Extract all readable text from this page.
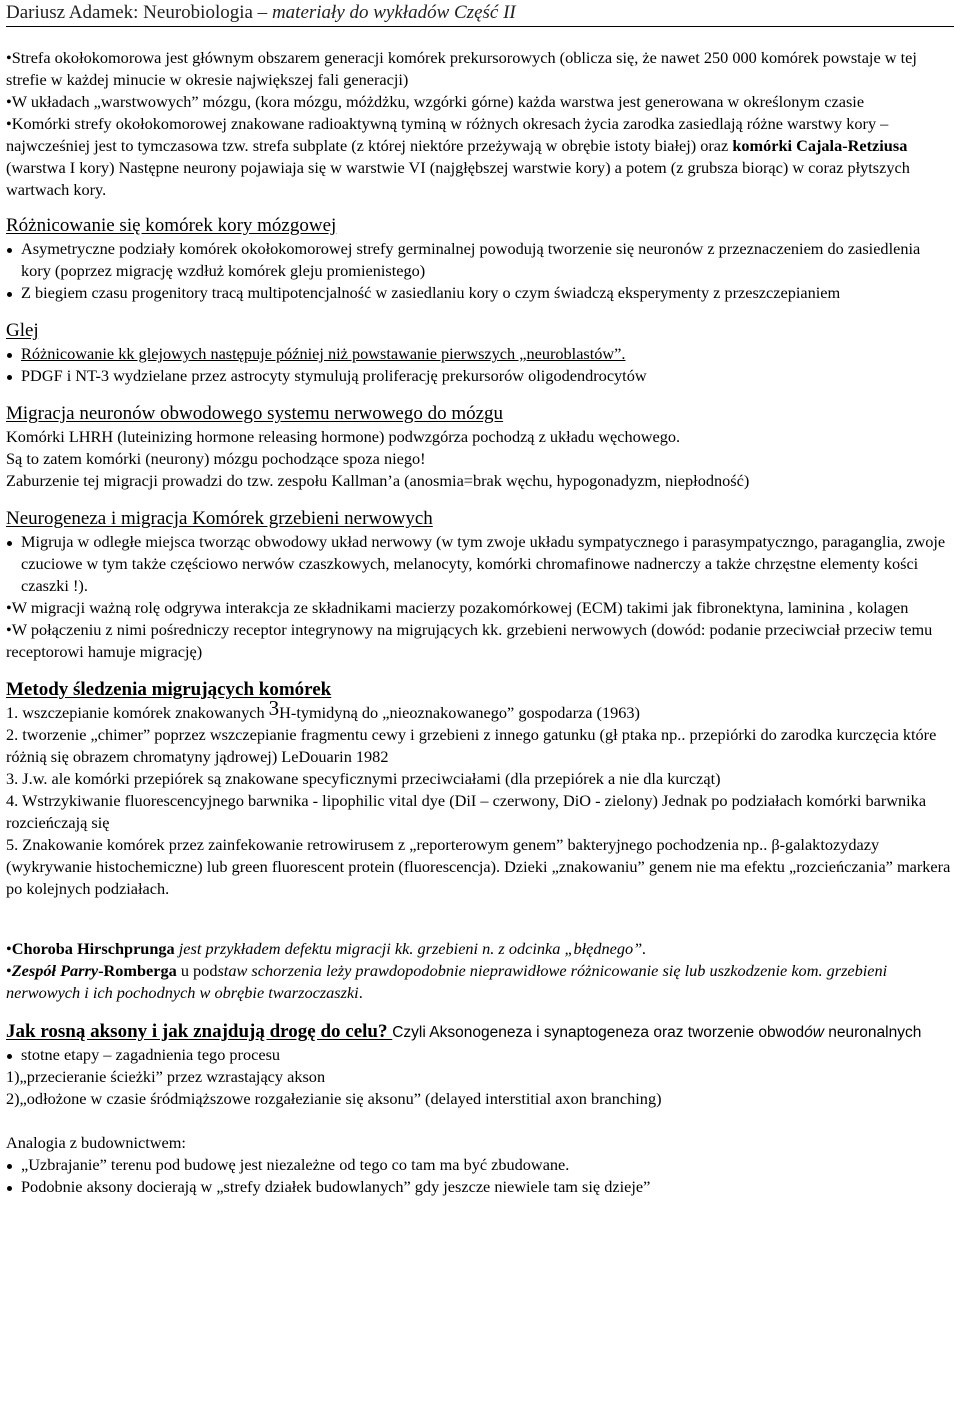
Dariusz Adamek: Neurobiologia – materiały do wykładów Część II

•Strefa okołokomorowa jest głównym obszarem generacji komórek prekursorowych (oblicza się, że nawet 250 000 komórek powstaje w tej strefie w każdej minucie w okresie największej fali generacji)

•W układach „warstwowych” mózgu, (kora mózgu, móżdżku, wzgórki górne) każda warstwa jest generowana w określonym czasie

•Komórki strefy okołokomorowej znakowane radioaktywną tyminą w różnych okresach życia zarodka zasiedlają różne warstwy kory – najwcześniej jest to tymczasowa tzw. strefa subplate (z której niektóre przeżywają w obrębie istoty białej) oraz komórki Cajala-Retziusa (warstwa I kory) Następne neurony pojawiaja się w warstwie VI (najgłębszej warstwie kory) a potem (z grubsza biorąc) w coraz płytszych wartwach kory.

Różnicowanie się komórek kory mózgowej
Asymetryczne podziały komórek okołokomorowej strefy germinalnej powodują tworzenie się neuronów z przeznaczeniem do zasiedlenia kory (poprzez migrację wzdłuż komórek gleju promienistego)
Z biegiem czasu progenitory tracą multipotencjalność w zasiedlaniu kory o czym świadczą eksperymenty z przeszczepianiem
Glej
Różnicowanie kk glejowych następuje później niż powstawanie pierwszych „neuroblastów”.
PDGF i NT-3 wydzielane przez astrocyty stymulują proliferację prekursorów oligodendrocytów
Migracja neuronów obwodowego systemu nerwowego do mózgu

Komórki LHRH (luteinizing hormone releasing hormone) podwzgórza pochodzą z układu węchowego.

Są to zatem komórki (neurony) mózgu pochodzące spoza niego!

Zaburzenie tej migracji prowadzi do tzw. zespołu Kallman’a (anosmia=brak węchu, hypogonadyzm, niepłodność)

Neurogeneza i migracja Komórek grzebieni nerwowych
Migruja w odległe miejsca tworząc obwodowy układ nerwowy (w tym zwoje układu sympatycznego i parasympatyczngo, paraganglia, zwoje czuciowe w tym także częściowo nerwów czaszkowych, melanocyty, komórki chromafinowe nadnerczy a także chrzęstne elementy kości czaszki !).

•W migracji ważną rolę odgrywa interakcja ze składnikami macierzy pozakomórkowej (ECM) takimi jak fibronektyna, laminina , kolagen

•W połączeniu z nimi pośredniczy receptor integrynowy na migrujących kk. grzebieni nerwowych (dowód: podanie przeciwciał przeciw temu receptorowi hamuje migrację)

Metody śledzenia migrujących komórek

1. wszczepianie komórek znakowanych 3H-tymidyną do „nieoznakowanego” gospodarza (1963)

2. tworzenie „chimer” poprzez wszczepianie fragmentu cewy i grzebieni z innego gatunku (gł ptaka np.. przepiórki do zarodka kurczęcia które różnią się obrazem chromatyny jądrowej) LeDouarin 1982

3. J.w. ale komórki przepiórek są znakowane specyficznymi przeciwciałami (dla przepiórek a nie dla kurcząt)

4. Wstrzykiwanie fluorescencyjnego barwnika - lipophilic vital dye (DiI – czerwony, DiO - zielony) Jednak po podziałach komórki barwnika rozcieńczają się

5. Znakowanie komórek przez zainfekowanie retrowirusem z „reporterowym genem” bakteryjnego pochodzenia np.. β-galaktozydazy (wykrywanie histochemiczne) lub green fluorescent protein (fluorescencja). Dzieki „znakowaniu” genem nie ma efektu „rozcieńczania” markera po kolejnych podziałach.

•Choroba Hirschprunga jest przykładem defektu migracji kk. grzebieni n. z odcinka „błędnego”.

•Zespół Parry-Romberga u podstaw schorzenia leży prawdopodobnie nieprawidłowe różnicowanie się lub uszkodzenie kom. grzebieni nerwowych i ich pochodnych w obrębie twarzoczaszki.

Jak rosną aksony i jak znajdują drogę do celu? Czyli Aksonogeneza i synaptogeneza oraz tworzenie obwodów neuronalnych

stotne etapy – zagadnienia tego procesu

1)„przecieranie ścieżki” przez wzrastający akson

2)„odłożone w czasie śródmiąższowe rozgałezianie się aksonu” (delayed interstitial axon branching)

Analogia z budownictwem:

„Uzbrajanie” terenu pod budowę jest niezależne od tego co tam ma być zbudowane.
Podobnie aksony docierają w „strefy działek budowlanych” gdy jeszcze niewiele tam się dzieje”
